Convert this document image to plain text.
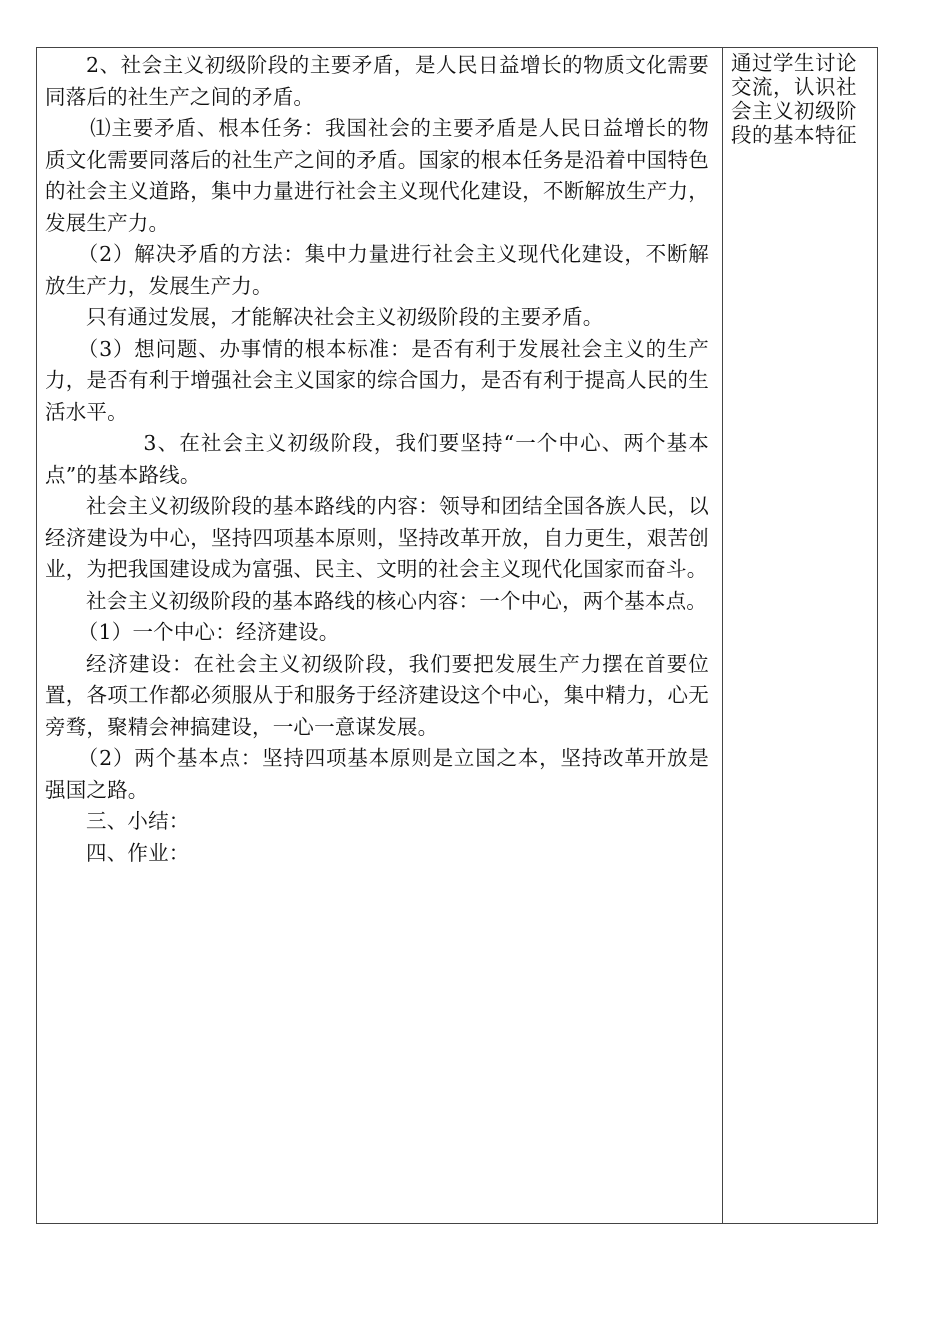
2、社会主义初级阶段的主要矛盾，是人民日益增长的物质文化需要同落后的社生产之间的矛盾。

⑴主要矛盾、根本任务：我国社会的主要矛盾是人民日益增长的物质文化需要同落后的社生产之间的矛盾。国家的根本任务是沿着中国特色的社会主义道路，集中力量进行社会主义现代化建设，不断解放生产力，发展生产力。

（2）解决矛盾的方法：集中力量进行社会主义现代化建设，不断解放生产力，发展生产力。

只有通过发展，才能解决社会主义初级阶段的主要矛盾。

（3）想问题、办事情的根本标准：是否有利于发展社会主义的生产力，是否有利于增强社会主义国家的综合国力，是否有利于提高人民的生活水平。

3、在社会主义初级阶段，我们要坚持“一个中心、两个基本点”的基本路线。

社会主义初级阶段的基本路线的内容：领导和团结全国各族人民，以经济建设为中心，坚持四项基本原则，坚持改革开放，自力更生，艰苦创业，为把我国建设成为富强、民主、文明的社会主义现代化国家而奋斗。

社会主义初级阶段的基本路线的核心内容：一个中心，两个基本点。

（1）一个中心：经济建设。

经济建设：在社会主义初级阶段，我们要把发展生产力摆在首要位置，各项工作都必须服从于和服务于经济建设这个中心，集中精力，心无旁骛，聚精会神搞建设，一心一意谋发展。

（2）两个基本点：坚持四项基本原则是立国之本，坚持改革开放是强国之路。

三、小结：

四、作业：

通过学生讨论交流，认识社会主义初级阶段的基本特征
